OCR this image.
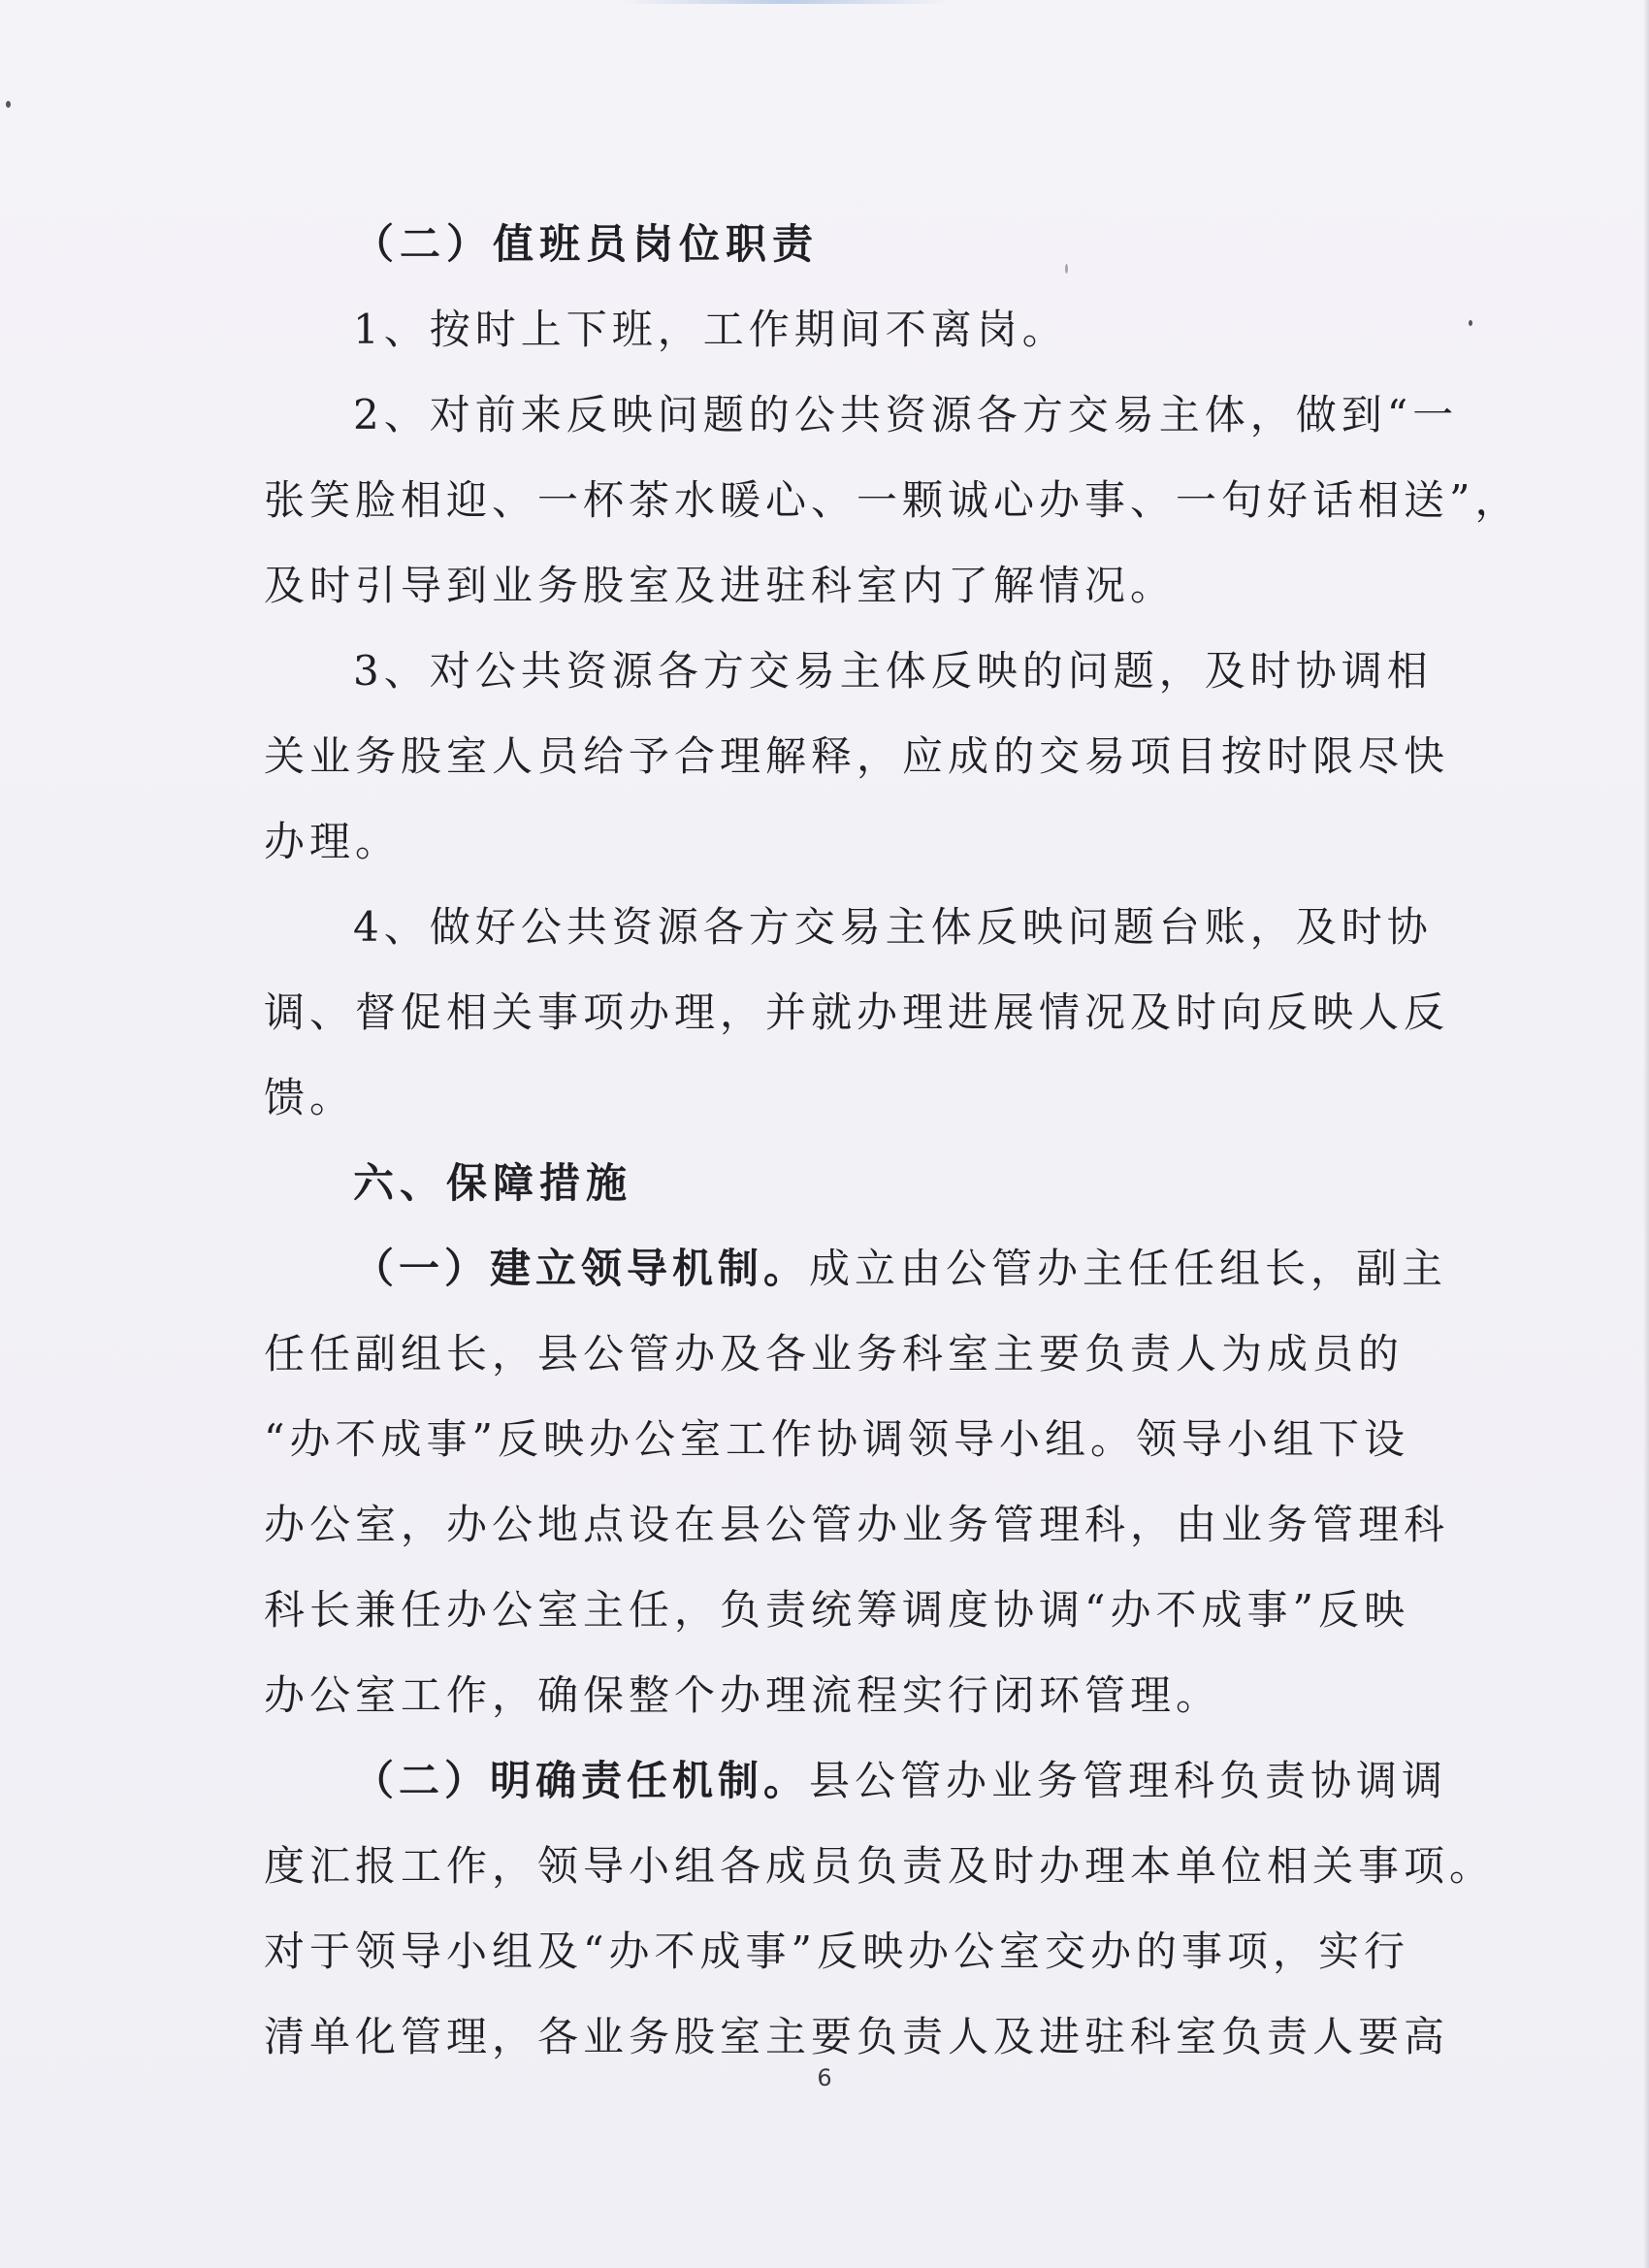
（二）值班员岗位职责
1、按时上下班，工作期间不离岗。
2、对前来反映问题的公共资源各方交易主体，做到“一
张笑脸相迎、一杯茶水暖心、一颗诚心办事、一句好话相送”，
及时引导到业务股室及进驻科室内了解情况。
3、对公共资源各方交易主体反映的问题，及时协调相
关业务股室人员给予合理解释，应成的交易项目按时限尽快
办理。
4、做好公共资源各方交易主体反映问题台账，及时协
调、督促相关事项办理，并就办理进展情况及时向反映人反
馈。
六、保障措施
（一）建立领导机制。成立由公管办主任任组长，副主
任任副组长，县公管办及各业务科室主要负责人为成员的
“办不成事”反映办公室工作协调领导小组。领导小组下设
办公室，办公地点设在县公管办业务管理科，由业务管理科
科长兼任办公室主任，负责统筹调度协调“办不成事”反映
办公室工作，确保整个办理流程实行闭环管理。
（二）明确责任机制。县公管办业务管理科负责协调调
度汇报工作，领导小组各成员负责及时办理本单位相关事项。
对于领导小组及“办不成事”反映办公室交办的事项，实行
清单化管理，各业务股室主要负责人及进驻科室负责人要高
6
